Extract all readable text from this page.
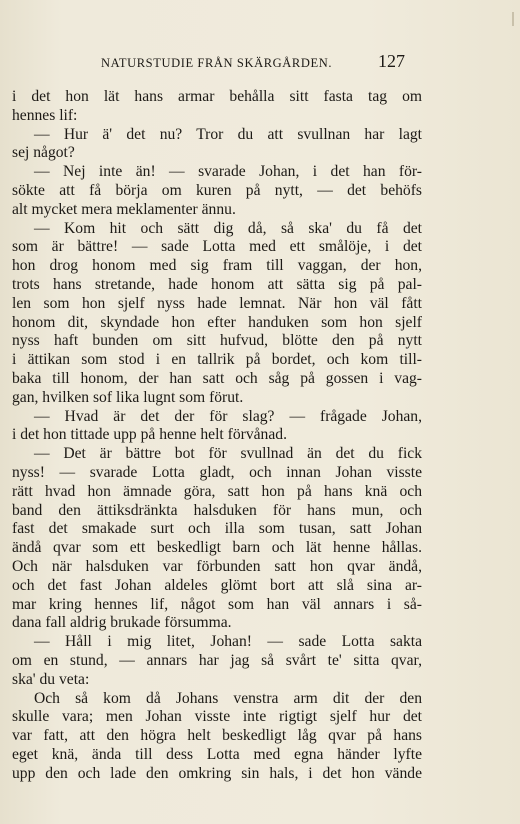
NATURSTUDIE FRÅN SKÄRGÅRDEN.	127
i det hon lät hans armar behålla sitt fasta tag om
hennes lif:
— Hur ä' det nu? Tror du att svullnan har lagt
sej något?
— Nej inte än! — svarade Johan, i det han för-
sökte att få börja om kuren på nytt, — det behöfs
alt mycket mera meklamenter ännu.
— Kom hit och sätt dig då, så ska' du få det
som är bättre! — sade Lotta med ett smålöje, i det
hon drog honom med sig fram till vaggan, der hon,
trots hans stretande, hade honom att sätta sig på pal-
len som hon sjelf nyss hade lemnat. När hon väl fått
honom dit, skyndade hon efter handuken som hon sjelf
nyss haft bunden om sitt hufvud, blötte den på nytt
i ättikan som stod i en tallrik på bordet, och kom till-
baka till honom, der han satt och såg på gossen i vag-
gan, hvilken sof lika lugnt som förut.
— Hvad är det der för slag? — frågade Johan,
i det hon tittade upp på henne helt förvånad.
— Det är bättre bot för svullnad än det du fick
nyss! — svarade Lotta gladt, och innan Johan visste
rätt hvad hon ämnade göra, satt hon på hans knä och
band den ättiksdränkta halsduken för hans mun, och
fast det smakade surt och illa som tusan, satt Johan
ändå qvar som ett beskedligt barn och lät henne hållas.
Och när halsduken var förbunden satt hon qvar ändå,
och det fast Johan aldeles glömt bort att slå sina ar-
mar kring hennes lif, något som han väl annars i så-
dana fall aldrig brukade försumma.
— Håll i mig litet, Johan! — sade Lotta sakta
om en stund, — annars har jag så svårt te' sitta qvar,
ska' du veta:
Och så kom då Johans venstra arm dit der den
skulle vara; men Johan visste inte rigtigt sjelf hur det
var fatt, att den högra helt beskedligt låg qvar på hans
eget knä, ända till dess Lotta med egna händer lyfte
upp den och lade den omkring sin hals, i det hon vände
